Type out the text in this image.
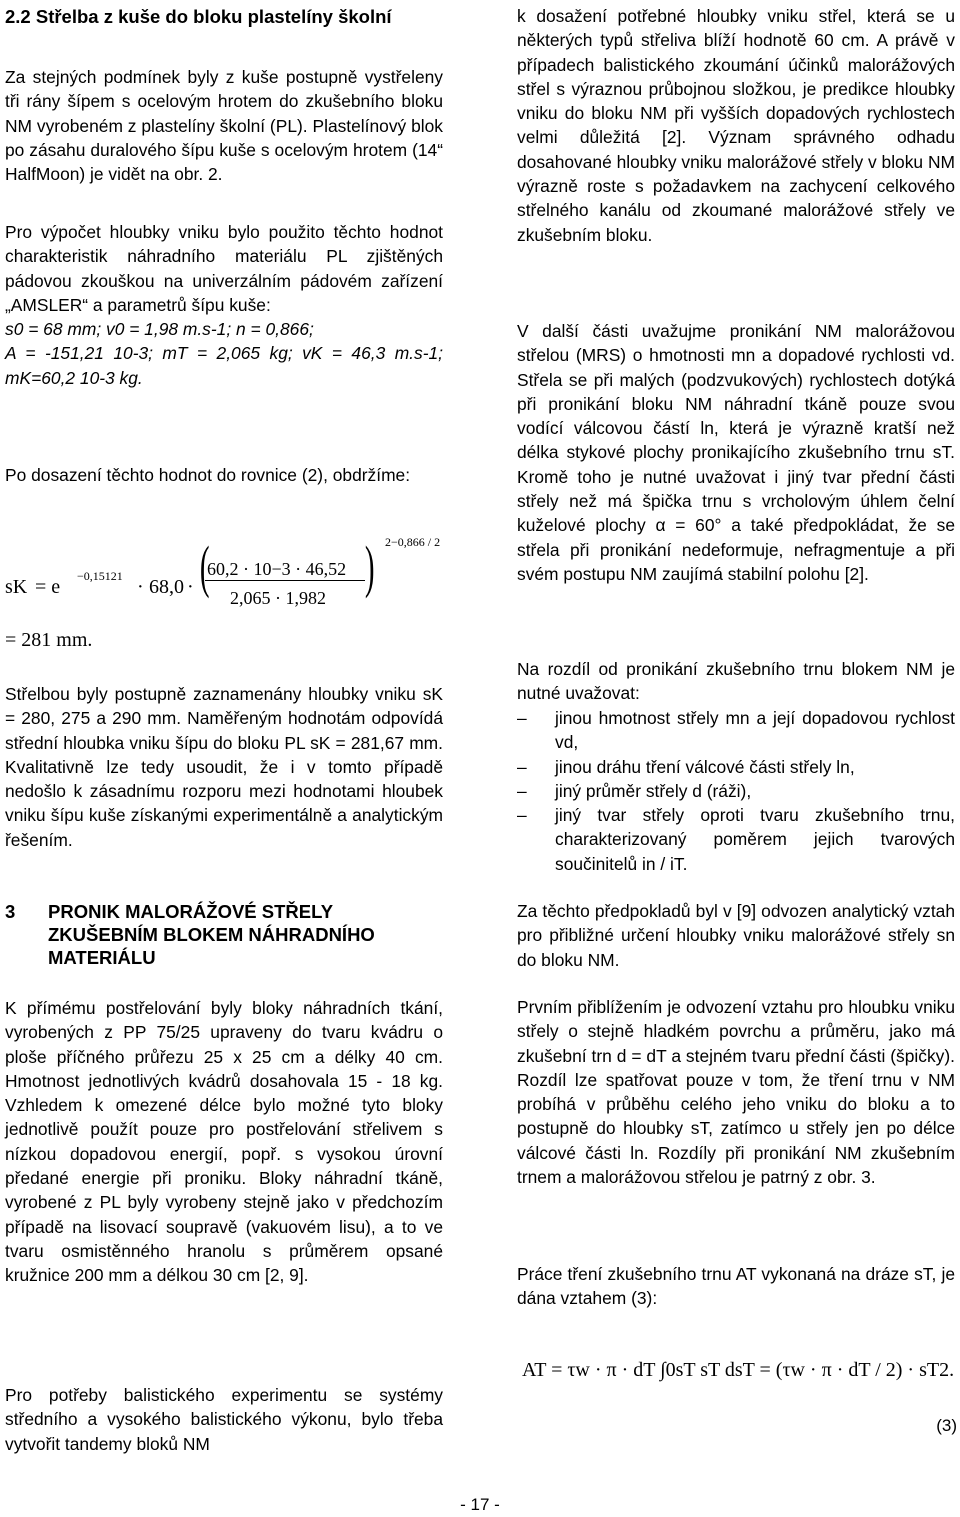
2.2 Střelba z kuše do bloku plastelíny školní

Za stejných podmínek byly z kuše postupně vystřeleny tři rány šípem s ocelovým hrotem do zkušebního bloku NM vyrobeném z plastelíny školní (PL). Plastelínový blok po zásahu duralového šípu kuše s ocelovým hrotem (14“ HalfMoon) je vidět na obr. 2.

Pro výpočet hloubky vniku bylo použito těchto hodnot charakteristik náhradního materiálu PL zjištěných pádovou zkouškou na univerzálním pádovém zařízení „AMSLER“ a parametrů šípu kuše:

s0 = 68 mm; v0 = 1,98 m.s-1; n = 0,866;

A = -151,21 10-3; mT = 2,065 kg; vK = 46,3 m.s-1; mK=60,2 10-3 kg.

Po dosazení těchto hodnot do rovnice (2), obdržíme:

sK = e −0,15121 · 68,0 · (
60,2 · 10−3 · 46,52
2,065 · 1,982 ) 2−0,866 / 2
= 281 mm.

Střelbou byly postupně zaznamenány hloubky vniku sK = 280, 275 a 290 mm. Naměřeným hodnotám odpovídá střední hloubka vniku šípu do bloku PL sK = 281,67 mm. Kvalitativně lze tedy usoudit, že i v tomto případě nedošlo k zásadnímu rozporu mezi hodnotami hloubek vniku šípu kuše získanými experimentálně a analytickým řešením.

3	PRONIK MALORÁŽOVÉ STŘELY ZKUŠEBNÍM BLOKEM NÁHRADNÍHO MATERIÁLU

K přímému postřelování byly bloky náhradních tkání, vyrobených z PP 75/25 upraveny do tvaru kvádru o ploše příčného průřezu 25 x 25 cm a délky 40 cm. Hmotnost jednotlivých kvádrů dosahovala 15 - 18 kg. Vzhledem k omezené délce bylo možné tyto bloky jednotlivě použít pouze pro postřelování střelivem s nízkou dopadovou energií, popř. s vysokou úrovní předané energie při proniku. Bloky náhradní tkáně, vyrobené z PL byly vyrobeny stejně jako v předchozím případě na lisovací soupravě (vakuovém lisu), a to ve tvaru osmistěnného hranolu s průměrem opsané kružnice 200 mm a délkou 30 cm [2, 9].

Pro potřeby balistického experimentu se systémy středního a vysokého balistického výkonu, bylo třeba vytvořit tandemy bloků NM

k dosažení potřebné hloubky vniku střel, která se u některých typů střeliva blíží hodnotě 60 cm. A právě v případech balistického zkoumání účinků malorážových střel s výraznou průbojnou složkou, je predikce hloubky vniku do bloku NM při vyšších dopadových rychlostech velmi důležitá [2]. Význam správného odhadu dosahované hloubky vniku malorážové střely v bloku NM výrazně roste s požadavkem na zachycení celkového střelného kanálu od zkoumané malorážové střely ve zkušebním bloku.

V další části uvažujme pronikání NM malorážovou střelou (MRS) o hmotnosti mn a dopadové rychlosti vd. Střela se při malých (podzvukových) rychlostech dotýká při pronikání bloku NM náhradní tkáně pouze svou vodící válcovou částí ln, která je výrazně kratší než délka stykové plochy pronikajícího zkušebního trnu sT. Kromě toho je nutné uvažovat i jiný tvar přední části střely než má špička trnu s vrcholovým úhlem čelní kuželové plochy α = 60° a také předpokládat, že se střela při pronikání nedeformuje, nefragmentuje a při svém postupu NM zaujímá stabilní polohu [2].

Na rozdíl od pronikání zkušebního trnu blokem NM je nutné uvažovat:

–	jinou hmotnost střely mn a její dopadovou rychlost vd,
–	jinou dráhu tření válcové části střely ln,
–	jiný průměr střely d (ráži),
–	jiný tvar střely oproti tvaru zkušebního trnu, charakterizovaný poměrem jejich tvarových součinitelů in / iT.

Za těchto předpokladů byl v [9] odvozen analytický vztah pro přibližné určení hloubky vniku malorážové střely sn do bloku NM.

Prvním přiblížením je odvození vztahu pro hloubku vniku střely o stejně hladkém povrchu a průměru, jako má zkušební trn d = dT a stejném tvaru přední části (špičky). Rozdíl lze spatřovat pouze v tom, že tření trnu v NM probíhá v průběhu celého jeho vniku do bloku a to postupně do hloubky sT, zatímco u střely jen po délce válcové části ln. Rozdíly při pronikání NM zkušebním trnem a malorážovou střelou je patrný z obr. 3.

Práce tření zkušebního trnu AT vykonaná na dráze sT, je dána vztahem (3):

AT = τw · π · dT ∫0sT sT dsT = (τw · π · dT / 2) · sT2.
(3)
- 17 -
